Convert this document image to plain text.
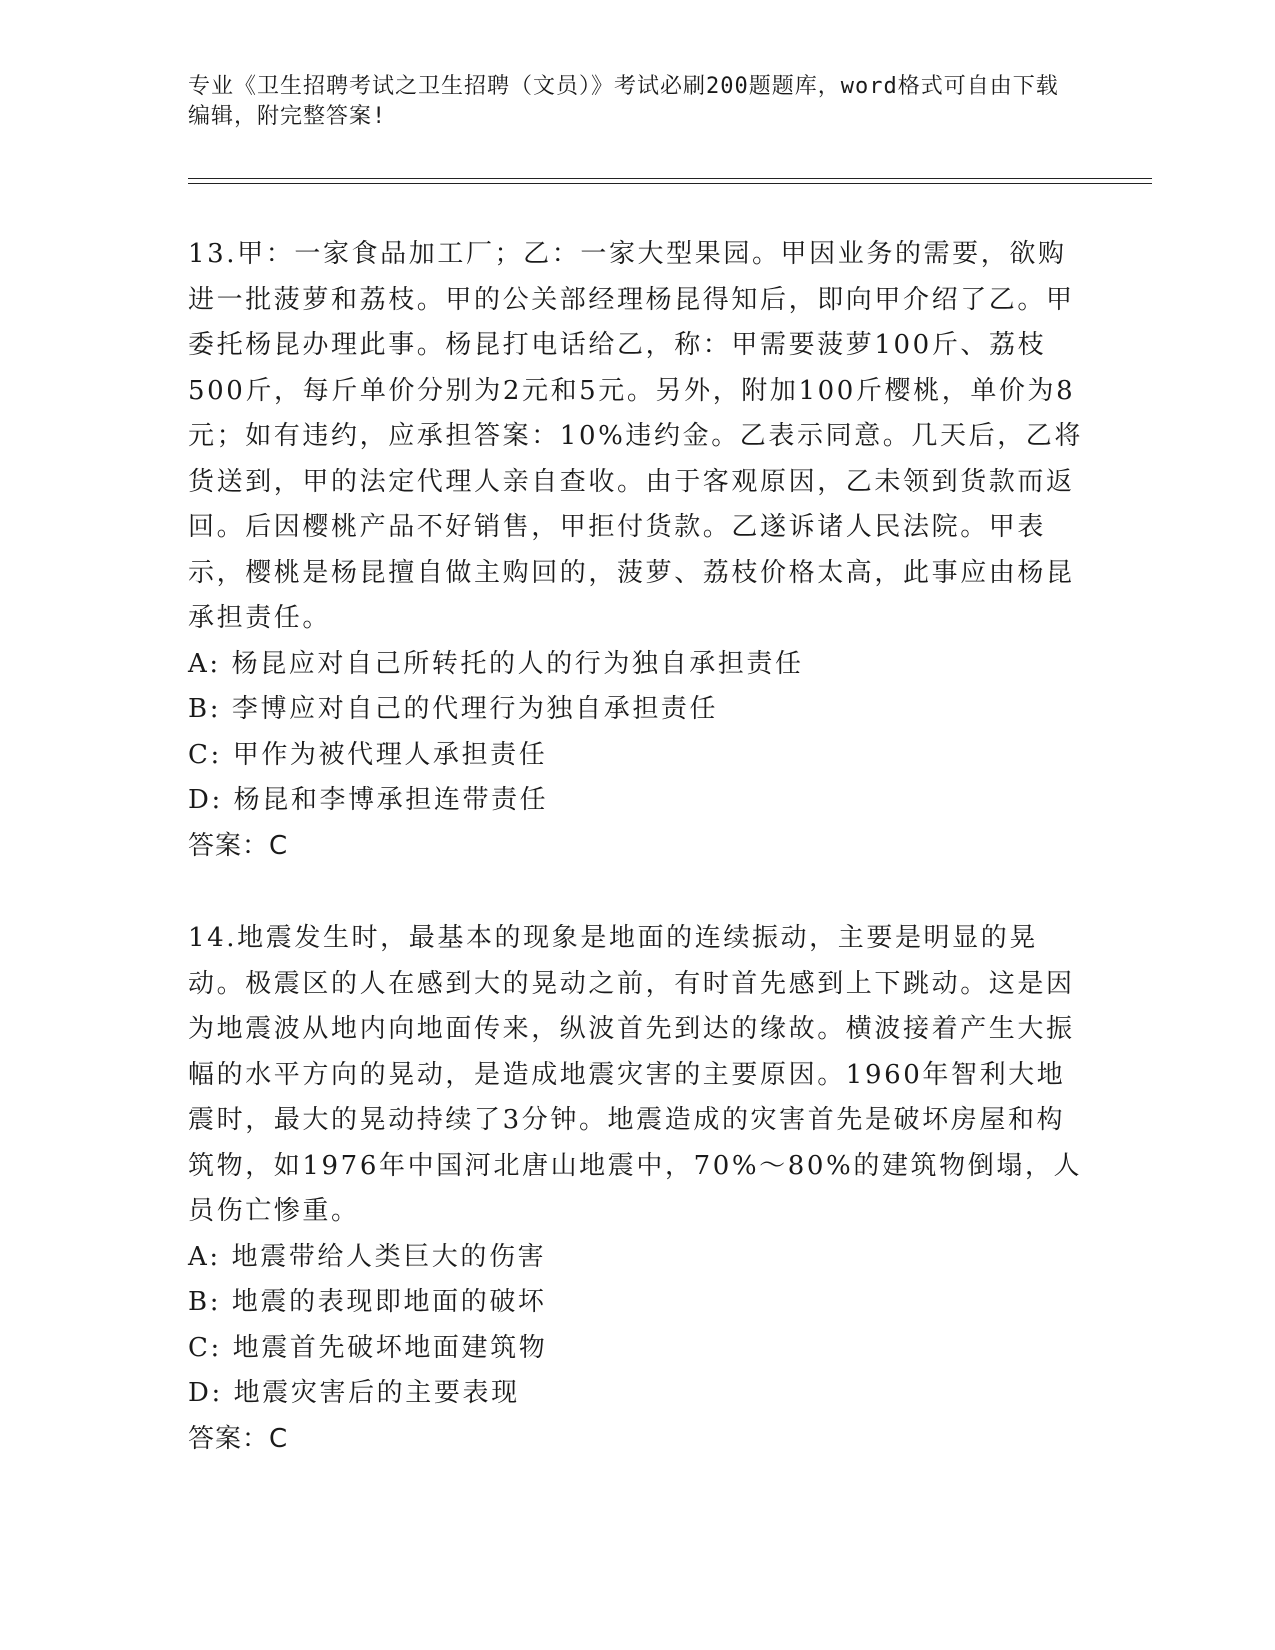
专业《卫生招聘考试之卫生招聘（文员）》考试必刷200题题库，word格式可自由下载编辑，附完整答案!

13.甲：一家食品加工厂；乙：一家大型果园。甲因业务的需要，欲购进一批菠萝和荔枝。甲的公关部经理杨昆得知后，即向甲介绍了乙。甲委托杨昆办理此事。杨昆打电话给乙，称：甲需要菠萝100斤、荔枝500斤，每斤单价分别为2元和5元。另外，附加100斤樱桃，单价为8元；如有违约，应承担答案：10%违约金。乙表示同意。几天后，乙将货送到，甲的法定代理人亲自查收。由于客观原因，乙未领到货款而返回。后因樱桃产品不好销售，甲拒付货款。乙遂诉诸人民法院。甲表示，樱桃是杨昆擅自做主购回的，菠萝、荔枝价格太高，此事应由杨昆承担责任。

A: 杨昆应对自己所转托的人的行为独自承担责任
B: 李博应对自己的代理行为独自承担责任
C: 甲作为被代理人承担责任
D: 杨昆和李博承担连带责任
答案：C

14.地震发生时，最基本的现象是地面的连续振动，主要是明显的晃动。极震区的人在感到大的晃动之前，有时首先感到上下跳动。这是因为地震波从地内向地面传来，纵波首先到达的缘故。横波接着产生大振幅的水平方向的晃动，是造成地震灾害的主要原因。1960年智利大地震时，最大的晃动持续了3分钟。地震造成的灾害首先是破坏房屋和构筑物，如1976年中国河北唐山地震中，70%～80%的建筑物倒塌，人员伤亡惨重。

A: 地震带给人类巨大的伤害
B: 地震的表现即地面的破坏
C: 地震首先破坏地面建筑物
D: 地震灾害后的主要表现
答案：C
